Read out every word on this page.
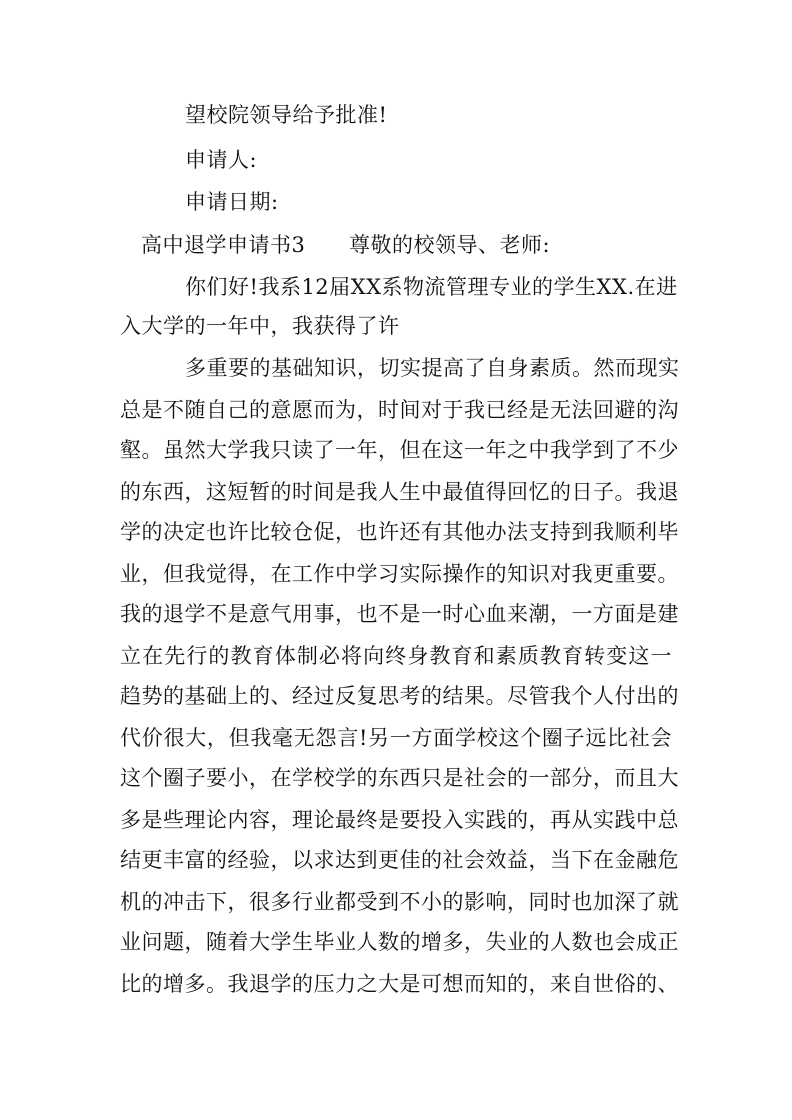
望校院领导给予批准!
申请人:
申请日期:
高中退学申请书3 尊敬的校领导、老师:
你们好!我系12届XX系物流管理专业的学生XX.在进
入大学的一年中，我获得了许
多重要的基础知识，切实提高了自身素质。然而现实
总是不随自己的意愿而为，时间对于我已经是无法回避的沟
壑。虽然大学我只读了一年，但在这一年之中我学到了不少
的东西，这短暂的时间是我人生中最值得回忆的日子。我退
学的决定也许比较仓促，也许还有其他办法支持到我顺利毕
业，但我觉得，在工作中学习实际操作的知识对我更重要。
我的退学不是意气用事，也不是一时心血来潮，一方面是建
立在先行的教育体制必将向终身教育和素质教育转变这一
趋势的基础上的、经过反复思考的结果。尽管我个人付出的
代价很大，但我毫无怨言!另一方面学校这个圈子远比社会
这个圈子要小，在学校学的东西只是社会的一部分，而且大
多是些理论内容，理论最终是要投入实践的，再从实践中总
结更丰富的经验，以求达到更佳的社会效益，当下在金融危
机的冲击下，很多行业都受到不小的影响，同时也加深了就
业问题，随着大学生毕业人数的增多，失业的人数也会成正
比的增多。我退学的压力之大是可想而知的，来自世俗的、
